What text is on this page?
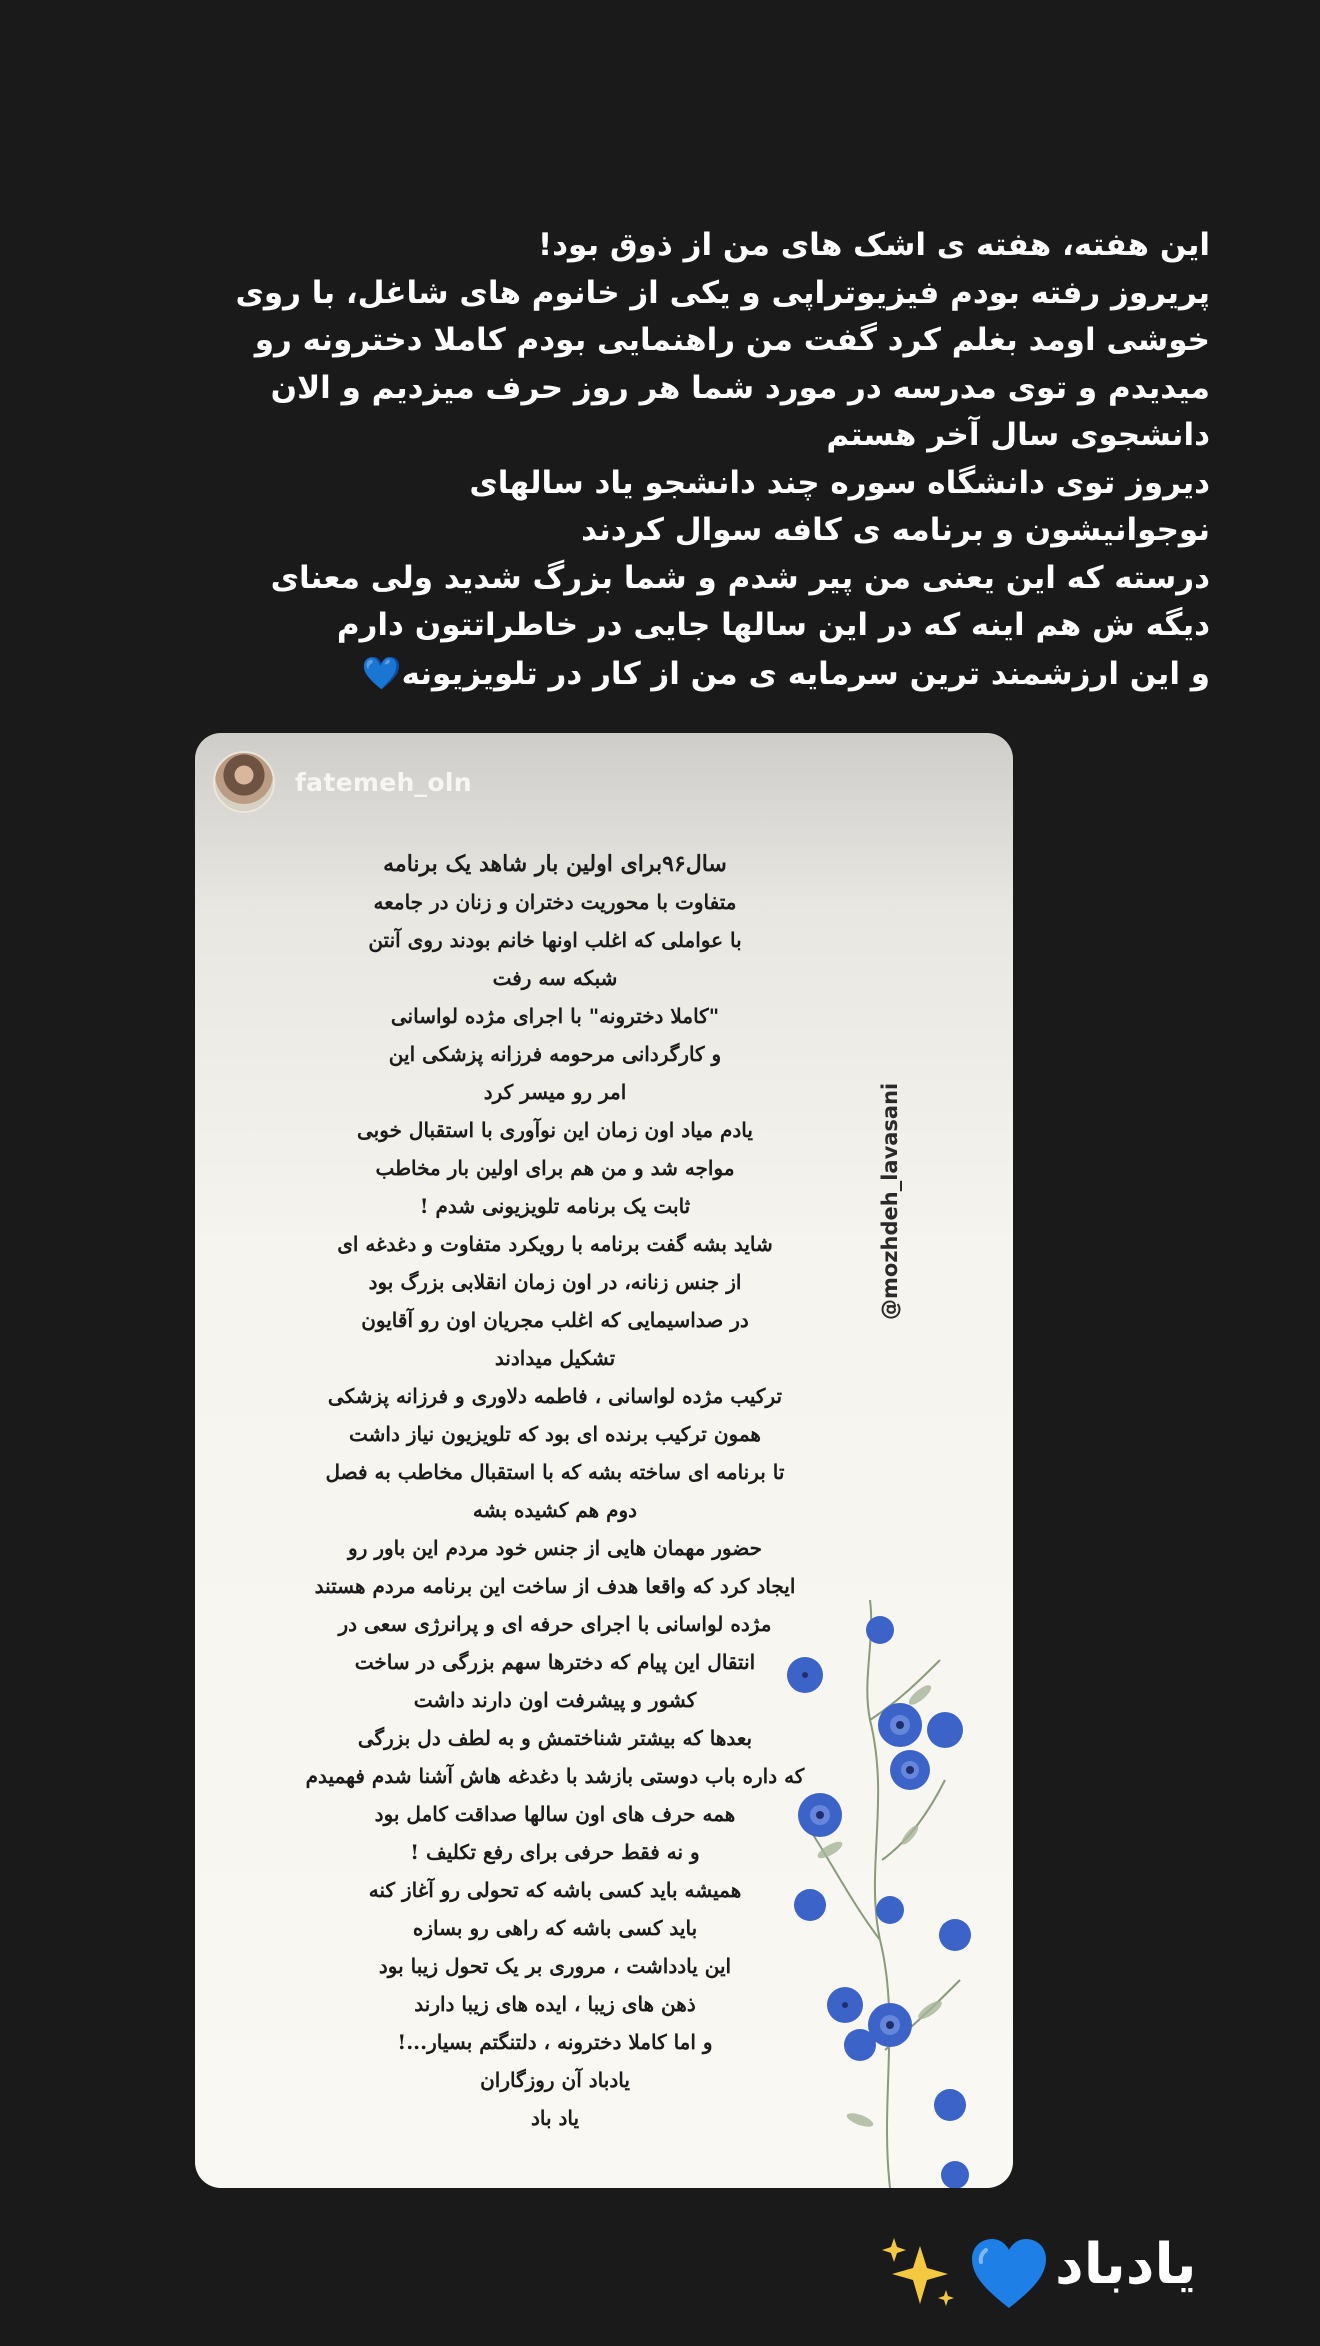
این هفته، هفته ی اشک های من از ذوق بود!
پریروز رفته بودم فیزیوتراپی و یکی از خانوم های شاغل، با روی
خوشی اومد بغلم کرد گفت من راهنمایی بودم کاملا دخترونه رو
میدیدم و توی مدرسه در مورد شما هر روز حرف میزدیم و الان
دانشجوی سال آخر هستم
دیروز توی دانشگاه سوره چند دانشجو یاد سالهای
نوجوانیشون و برنامه ی کافه سوال کردند
درسته که این یعنی من پیر شدم و شما بزرگ شدید ولی معنای
دیگه ش هم اینه که در این سالها جایی در خاطراتتون دارم
و این ارزشمند ترین سرمایه ی من از کار در تلویزیونه💙
fatemeh_oln
سال۹۶برای اولین بار شاهد یک برنامه
متفاوت با محوریت دختران و زنان در جامعه
با عواملی که اغلب اونها خانم بودند روی آنتن
شبکه سه رفت
"کاملا دخترونه" با اجرای مژده لواسانی
و کارگردانی مرحومه فرزانه پزشکی این
امر رو میسر کرد
یادم میاد اون زمان این نوآوری با استقبال خوبی
مواجه شد و من هم برای اولین بار مخاطب
ثابت یک برنامه تلویزیونی شدم !
شاید بشه گفت برنامه با رویکرد متفاوت و دغدغه ای
از جنس زنانه، در اون زمان انقلابی بزرگ بود
در صداسیمایی که اغلب مجریان اون رو آقایون
تشکیل میدادند
ترکیب مژده لواسانی ، فاطمه دلاوری و فرزانه پزشکی
همون ترکیب برنده ای بود که تلویزیون نیاز داشت
تا برنامه ای ساخته بشه که با استقبال مخاطب به فصل
دوم هم کشیده بشه
حضور مهمان هایی از جنس خود مردم این باور رو
ایجاد کرد که واقعا هدف از ساخت این برنامه مردم هستند
مژده لواسانی با اجرای حرفه ای و پرانرژی سعی در
انتقال این پیام که دخترها سهم بزرگی در ساخت
کشور و پیشرفت اون دارند داشت
بعدها که بیشتر شناختمش و به لطف دل بزرگی
که داره باب دوستی بازشد با دغدغه هاش آشنا شدم فهمیدم
همه حرف های اون سالها صداقت کامل بود
و نه فقط حرفی برای رفع تکلیف !
همیشه باید کسی باشه که تحولی رو آغاز کنه
باید کسی باشه که راهی رو بسازه
این یادداشت ، مروری بر یک تحول زیبا بود
ذهن های زیبا ، ایده های زیبا دارند
و اما کاملا دخترونه ، دلتنگتم بسیار...!
یادباد آن روزگاران
یاد باد
@mozhdeh_lavasani
یادباد
